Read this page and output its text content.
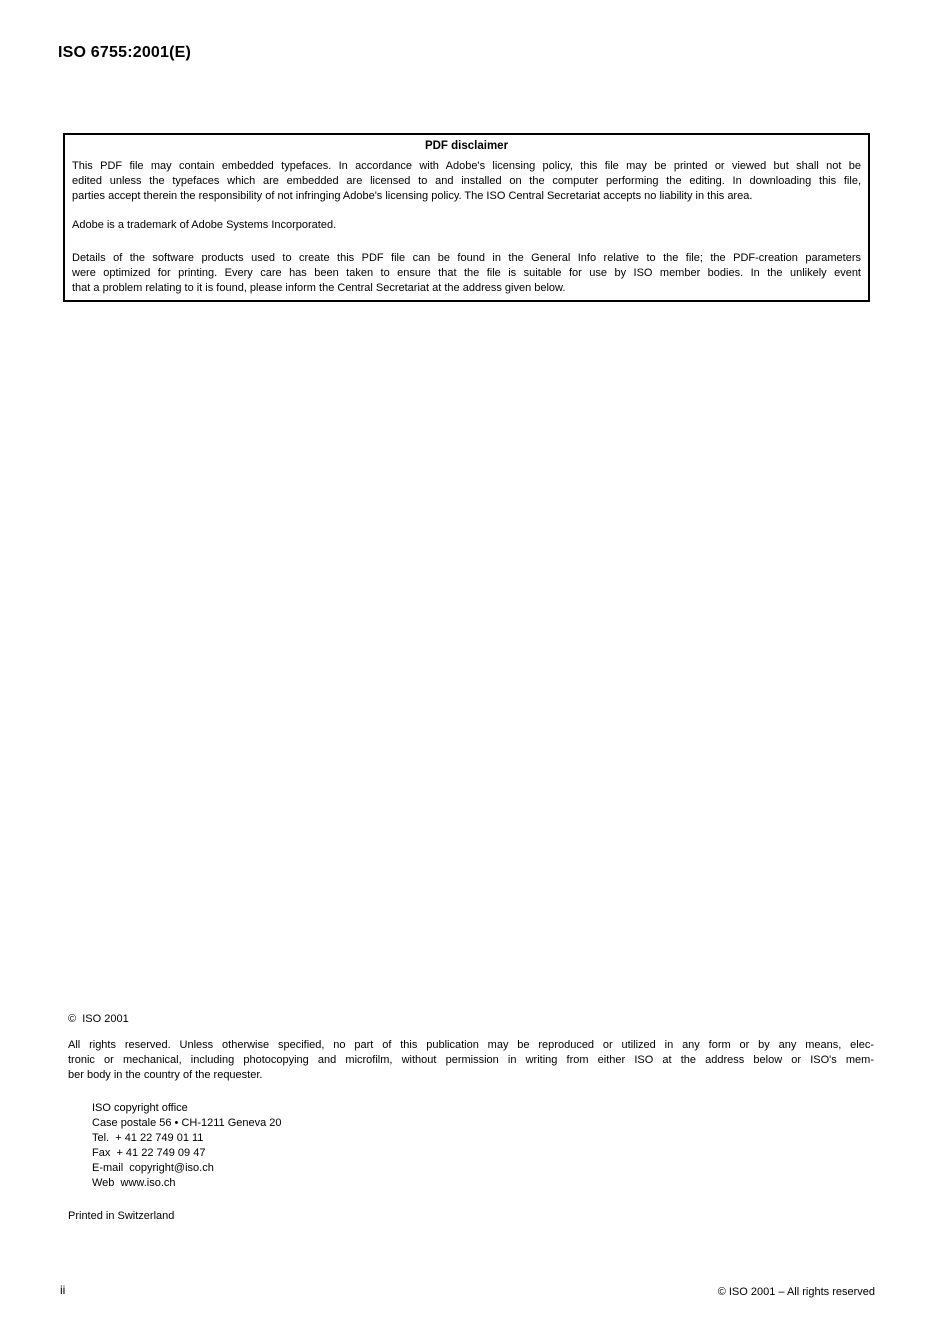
ISO 6755:2001(E)
PDF disclaimer
This PDF file may contain embedded typefaces. In accordance with Adobe's licensing policy, this file may be printed or viewed but shall not be
edited unless the typefaces which are embedded are licensed to and installed on the computer performing the editing. In downloading this file,
parties accept therein the responsibility of not infringing Adobe's licensing policy. The ISO Central Secretariat accepts no liability in this area.
Adobe is a trademark of Adobe Systems Incorporated.
Details of the software products used to create this PDF file can be found in the General Info relative to the file; the PDF-creation parameters
were optimized for printing. Every care has been taken to ensure that the file is suitable for use by ISO member bodies. In the unlikely event
that a problem relating to it is found, please inform the Central Secretariat at the address given below.
©  ISO 2001
All rights reserved. Unless otherwise specified, no part of this publication may be reproduced or utilized in any form or by any means, elec-
tronic or mechanical, including photocopying and microfilm, without permission in writing from either ISO at the address below or ISO's mem-
ber body in the country of the requester.
ISO copyright office
Case postale 56 • CH-1211 Geneva 20
Tel.  + 41 22 749 01 11
Fax  + 41 22 749 09 47
E-mail  copyright@iso.ch
Web  www.iso.ch
Printed in Switzerland
ii	© ISO 2001 – All rights reserved
